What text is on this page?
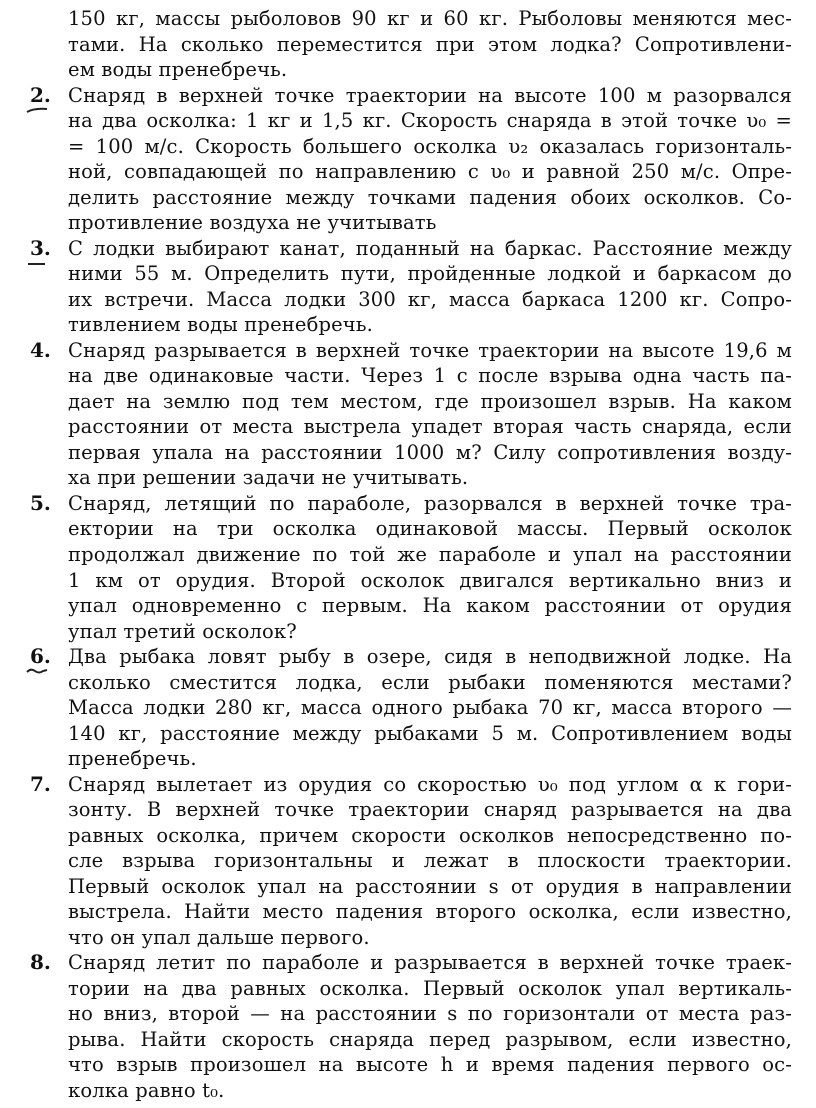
150 кг, массы рыболовов 90 кг и 60 кг. Рыболовы меняются мес-
тами. На сколько переместится при этом лодка? Сопротивлени-
ем воды пренебречь.
2. Снаряд в верхней точке траектории на высоте 100 м разорвался
на два осколка: 1 кг и 1,5 кг. Скорость снаряда в этой точке υ₀ =
= 100 м/с. Скорость большего осколка υ₂ оказалась горизонталь-
ной, совпадающей по направлению с υ₀ и равной 250 м/с. Опре-
делить расстояние между точками падения обоих осколков. Со-
противление воздуха не учитывать
3. С лодки выбирают канат, поданный на баркас. Расстояние между
ними 55 м. Определить пути, пройденные лодкой и баркасом до
их встречи. Масса лодки 300 кг, масса баркаса 1200 кг. Сопро-
тивлением воды пренебречь.
4. Снаряд разрывается в верхней точке траектории на высоте 19,6 м
на две одинаковые части. Через 1 с после взрыва одна часть па-
дает на землю под тем местом, где произошел взрыв. На каком
расстоянии от места выстрела упадет вторая часть снаряда, если
первая упала на расстоянии 1000 м? Силу сопротивления возду-
ха при решении задачи не учитывать.
5. Снаряд, летящий по параболе, разорвался в верхней точке тра-
ектории на три осколка одинаковой массы. Первый осколок
продолжал движение по той же параболе и упал на расстоянии
1 км от орудия. Второй осколок двигался вертикально вниз и
упал одновременно с первым. На каком расстоянии от орудия
упал третий осколок?
6. Два рыбака ловят рыбу в озере, сидя в неподвижной лодке. На
сколько сместится лодка, если рыбаки поменяются местами?
Масса лодки 280 кг, масса одного рыбака 70 кг, масса второго —
140 кг, расстояние между рыбаками 5 м. Сопротивлением воды
пренебречь.
7. Снаряд вылетает из орудия со скоростью υ₀ под углом α к гори-
зонту. В верхней точке траектории снаряд разрывается на два
равных осколка, причем скорости осколков непосредственно по-
сле взрыва горизонтальны и лежат в плоскости траектории.
Первый осколок упал на расстоянии s от орудия в направлении
выстрела. Найти место падения второго осколка, если известно,
что он упал дальше первого.
8. Снаряд летит по параболе и разрывается в верхней точке траек-
тории на два равных осколка. Первый осколок упал вертикаль-
но вниз, второй — на расстоянии s по горизонтали от места раз-
рыва. Найти скорость снаряда перед разрывом, если известно,
что взрыв произошел на высоте h и время падения первого ос-
колка равно t₀.
